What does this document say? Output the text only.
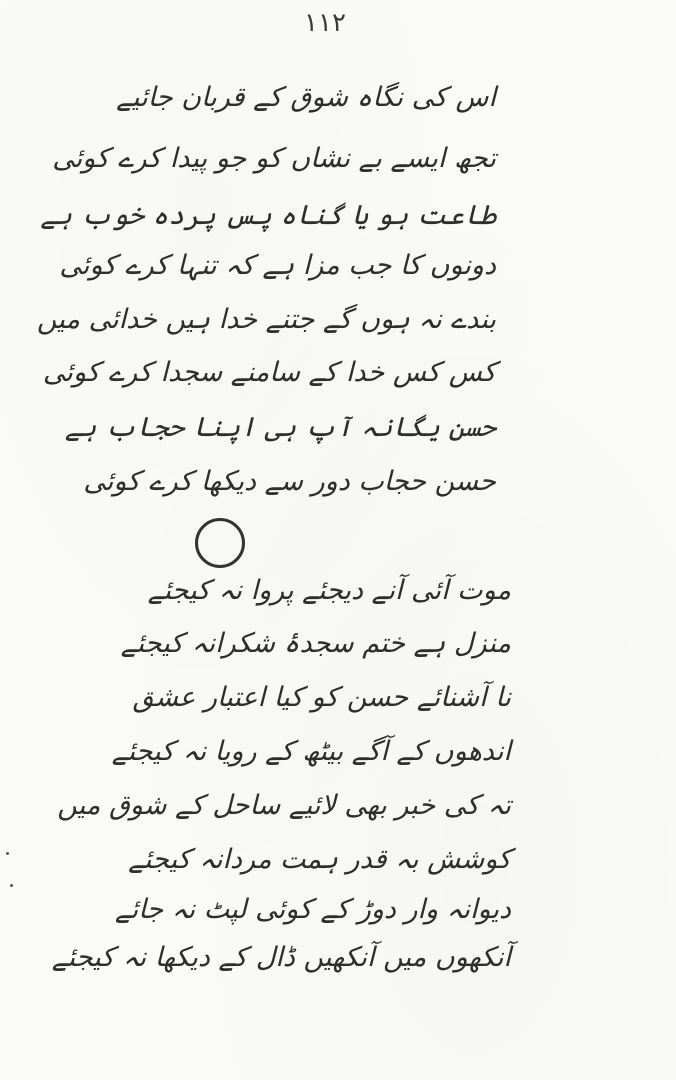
١١٢
اس کی نگاہ شوق کے قربان جائیے
تجھ ایسے بے نشاں کو جو پیدا کرے کوئی
طاعت ہو یا گناہ پس پردہ خوب ہے
دونوں کا جب مزا ہے کہ تنہا کرے کوئی
بندے نہ ہوں گے جتنے خدا ہیں خدائی میں
کس کس خدا کے سامنے سجدا کرے کوئی
حسن یگانہ آپ ہی اپنا حجاب ہے
حسن حجاب دور سے دیکھا کرے کوئی
موت آئی آنے دیجئے پروا نہ کیجئے
منزل ہے ختم سجدۂ شکرانہ کیجئے
نا آشنائے حسن کو کیا اعتبار عشق
اندھوں کے آگے بیٹھ کے رویا نہ کیجئے
تہ کی خبر بھی لائیے ساحل کے شوق میں
کوشش بہ قدر ہمت مردانہ کیجئے
دیوانہ وار دوڑ کے کوئی لپٹ نہ جائے
آنکھوں میں آنکھیں ڈال کے دیکھا نہ کیجئے
